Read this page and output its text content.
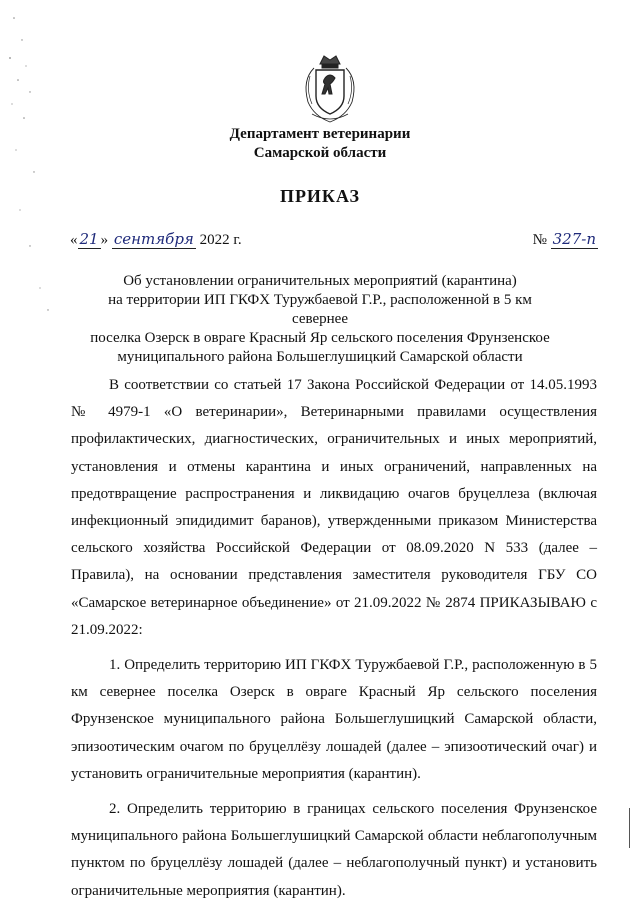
Департамент ветеринарии
Самарской области
ПРИКАЗ
« 21 » сентября 2022 г.	№ 327-п
Об установлении ограничительных мероприятий (карантина)
на территории ИП ГКФХ Туружбаевой Г.Р., расположенной в 5 км севернее
поселка Озерск в овраге Красный Яр сельского поселения Фрунзенское
муниципального района Большеглушицкий Самарской области

В соответствии со статьей 17 Закона Российской Федерации от 14.05.1993 № 4979-1 «О ветеринарии», Ветеринарными правилами осуществления профилактических, диагностических, ограничительных и иных мероприятий, установления и отмены карантина и иных ограничений, направленных на предотвращение распространения и ликвидацию очагов бруцеллеза (включая инфекционный эпидидимит баранов), утвержденными приказом Министерства сельского хозяйства Российской Федерации от 08.09.2020 N 533 (далее – Правила), на основании представления заместителя руководителя ГБУ СО «Самарское ветеринарное объединение» от 21.09.2022 № 2874 ПРИКАЗЫВАЮ с 21.09.2022:

1. Определить территорию ИП ГКФХ Туружбаевой Г.Р., расположенную в 5 км севернее поселка Озерск в овраге Красный Яр сельского поселения Фрунзенское муниципального района Большеглушицкий Самарской области, эпизоотическим очагом по бруцеллёзу лошадей (далее – эпизоотический очаг) и установить ограничительные мероприятия (карантин).

2. Определить территорию в границах сельского поселения Фрунзенское муниципального района Большеглушицкий Самарской области неблагополучным пунктом по бруцеллёзу лошадей (далее – неблагополучный пункт) и установить ограничительные мероприятия (карантин).
